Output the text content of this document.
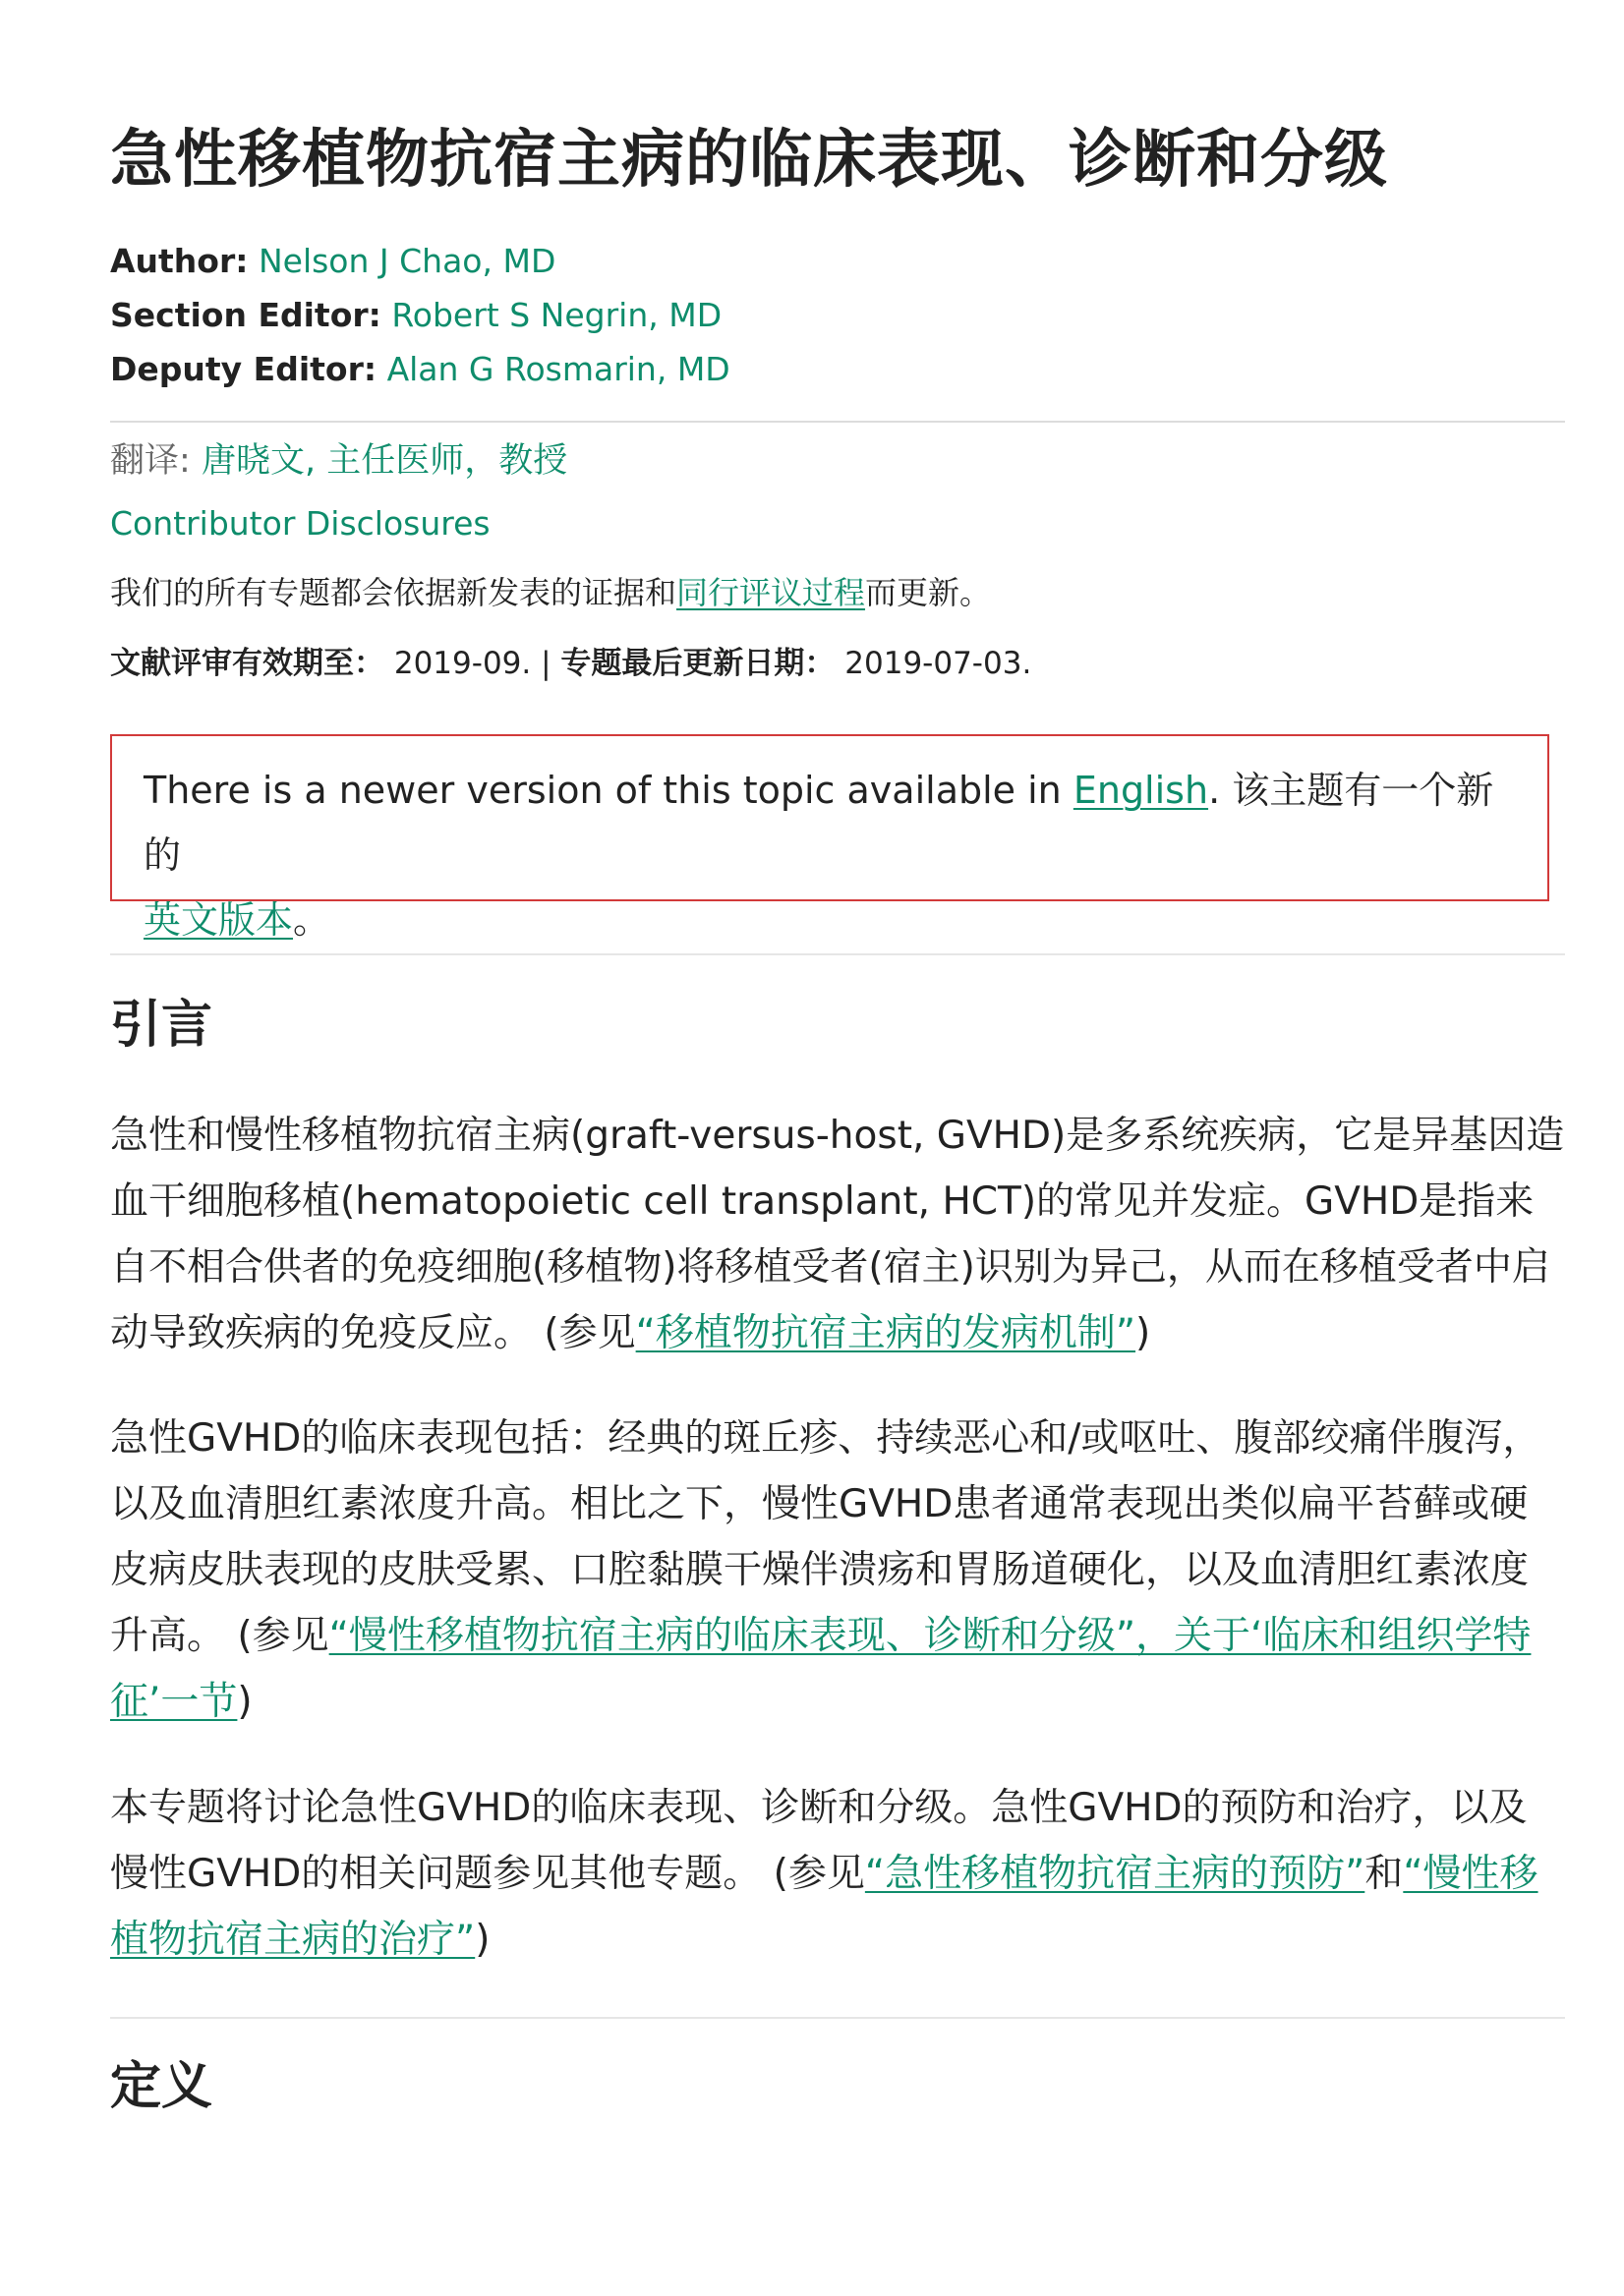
急性移植物抗宿主病的临床表现、诊断和分级
Author: Nelson J Chao, MD
Section Editor: Robert S Negrin, MD
Deputy Editor: Alan G Rosmarin, MD
翻译: 唐晓文, 主任医师，教授
Contributor Disclosures
我们的所有专题都会依据新发表的证据和同行评议过程而更新。
文献评审有效期至： 2019-09. | 专题最后更新日期： 2019-07-03.
There is a newer version of this topic available in English. 该主题有一个新的
英文版本。
引言

急性和慢性移植物抗宿主病(graft-versus-host, GVHD)是多系统疾病，它是异基因造血干细胞移植(hematopoietic cell transplant, HCT)的常见并发症。GVHD是指来自不相合供者的免疫细胞(移植物)将移植受者(宿主)识别为异己，从而在移植受者中启动导致疾病的免疫反应。 (参见“移植物抗宿主病的发病机制”)

急性GVHD的临床表现包括：经典的斑丘疹、持续恶心和/或呕吐、腹部绞痛伴腹泻，以及血清胆红素浓度升高。相比之下，慢性GVHD患者通常表现出类似扁平苔藓或硬皮病皮肤表现的皮肤受累、口腔黏膜干燥伴溃疡和胃肠道硬化，以及血清胆红素浓度升高。 (参见“慢性移植物抗宿主病的临床表现、诊断和分级”，关于‘临床和组织学特征’一节)

本专题将讨论急性GVHD的临床表现、诊断和分级。急性GVHD的预防和治疗，以及慢性GVHD的相关问题参见其他专题。 (参见“急性移植物抗宿主病的预防”和“慢性移植物抗宿主病的治疗”)

定义
